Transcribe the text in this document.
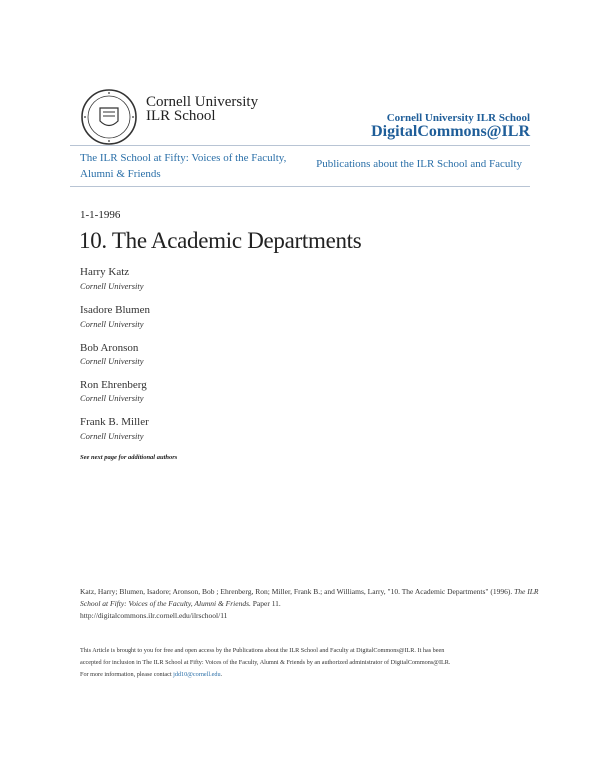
Cornell University
ILR School	Cornell University ILR School
DigitalCommons@ILR
The ILR School at Fifty: Voices of the Faculty, Alumni & Friends
Publications about the ILR School and Faculty
1-1-1996
10. The Academic Departments
Harry Katz
Cornell University
Isadore Blumen
Cornell University
Bob Aronson
Cornell University
Ron Ehrenberg
Cornell University
Frank B. Miller
Cornell University
See next page for additional authors
Katz, Harry; Blumen, Isadore; Aronson, Bob ; Ehrenberg, Ron; Miller, Frank B.; and Williams, Larry, "10. The Academic Departments" (1996). The ILR School at Fifty: Voices of the Faculty, Alumni & Friends. Paper 11.
http://digitalcommons.ilr.cornell.edu/ilrschool/11
This Article is brought to you for free and open access by the Publications about the ILR School and Faculty at DigitalCommons@ILR. It has been
accepted for inclusion in The ILR School at Fifty: Voices of the Faculty, Alumni & Friends by an authorized administrator of DigitalCommons@ILR.
For more information, please contact jdd10@cornell.edu.
